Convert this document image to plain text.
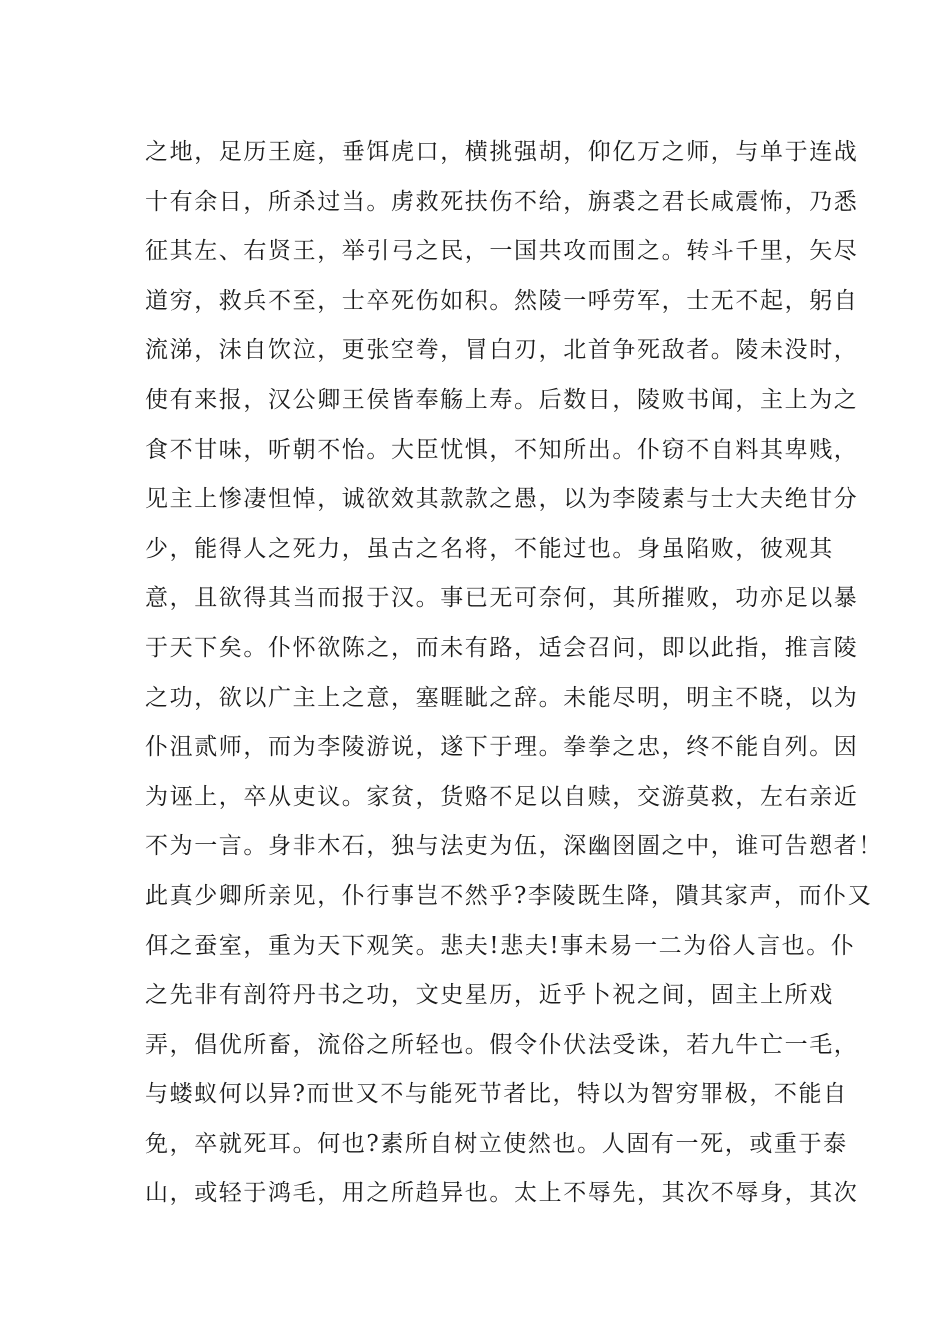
之地，足历王庭，垂饵虎口，横挑强胡，仰亿万之师，与单于连战
十有余日，所杀过当。虏救死扶伤不给，旃裘之君长咸震怖，乃悉
征其左、右贤王，举引弓之民，一国共攻而围之。转斗千里，矢尽
道穷，救兵不至，士卒死伤如积。然陵一呼劳军，士无不起，躬自
流涕，沬自饮泣，更张空弮，冒白刃，北首争死敌者。陵未没时，
使有来报，汉公卿王侯皆奉觞上寿。后数日，陵败书闻，主上为之
食不甘味，听朝不怡。大臣忧惧，不知所出。仆窃不自料其卑贱，
见主上惨凄怛悼，诚欲效其款款之愚，以为李陵素与士大夫绝甘分
少，能得人之死力，虽古之名将，不能过也。身虽陷败，彼观其
意，且欲得其当而报于汉。事已无可奈何，其所摧败，功亦足以暴
于天下矣。仆怀欲陈之，而未有路，适会召问，即以此指，推言陵
之功，欲以广主上之意，塞睚眦之辞。未能尽明，明主不晓，以为
仆沮贰师，而为李陵游说，遂下于理。拳拳之忠，终不能自列。因
为诬上，卒从吏议。家贫，货赂不足以自赎，交游莫救，左右亲近
不为一言。身非木石，独与法吏为伍，深幽囹圄之中，谁可告愬者！
此真少卿所亲见，仆行事岂不然乎?李陵既生降，隤其家声，而仆又
佴之蚕室，重为天下观笑。悲夫!悲夫!事未易一二为俗人言也。仆
之先非有剖符丹书之功，文史星历，近乎卜祝之间，固主上所戏
弄，倡优所畜，流俗之所轻也。假令仆伏法受诛，若九牛亡一毛，
与蝼蚁何以异?而世又不与能死节者比，特以为智穷罪极，不能自
免，卒就死耳。何也?素所自树立使然也。人固有一死，或重于泰
山，或轻于鸿毛，用之所趋异也。太上不辱先，其次不辱身，其次
